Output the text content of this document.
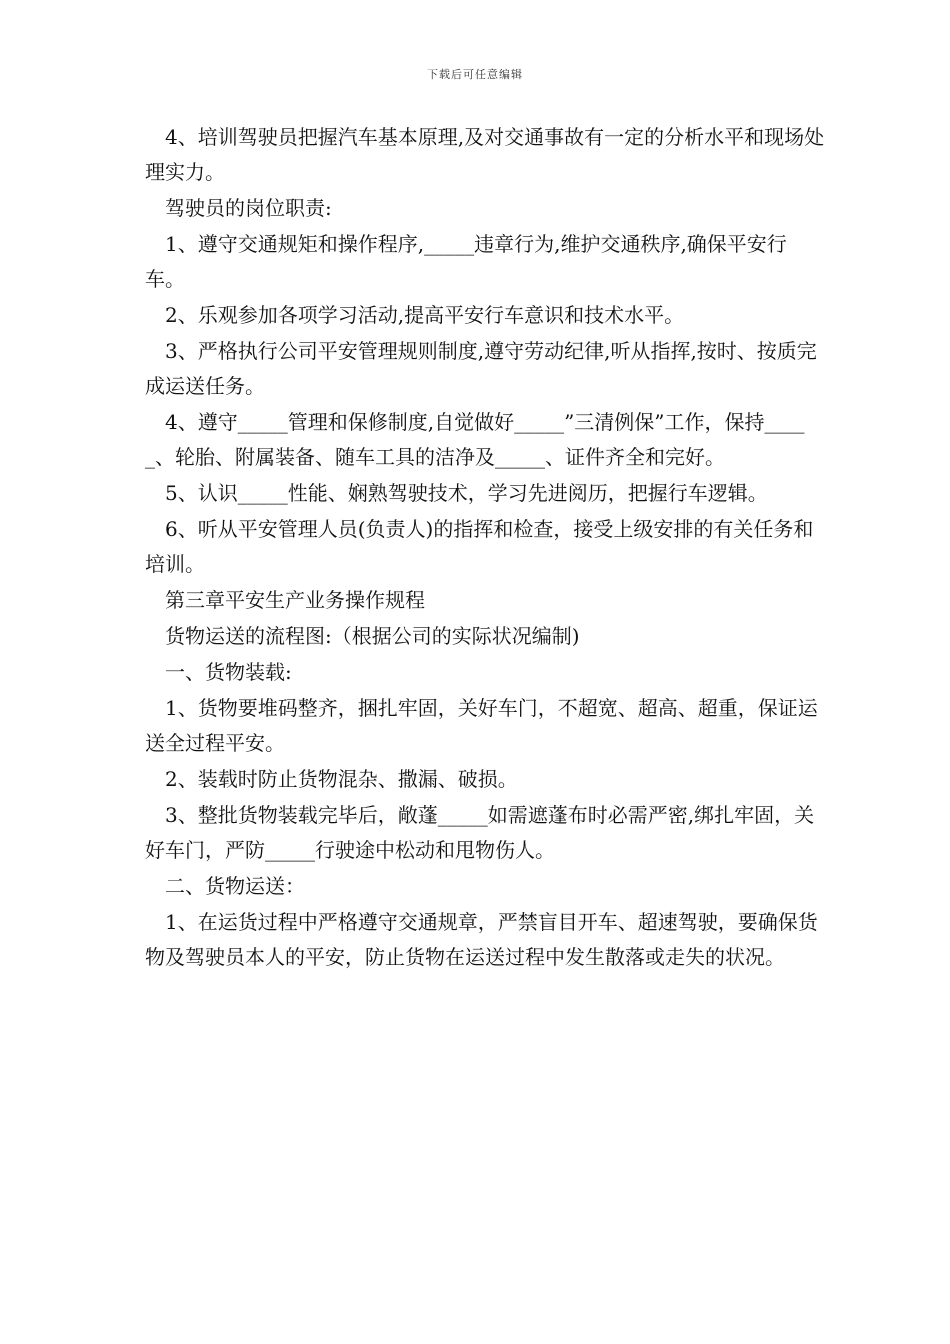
下载后可任意编辑

　4、培训驾驶员把握汽车基本原理,及对交通事故有一定的分析水平和现场处理实力。

　驾驶员的岗位职责:

　1、遵守交通规矩和操作程序,_____违章行为,维护交通秩序,确保平安行车。

　2、乐观参加各项学习活动,提高平安行车意识和技术水平。

　3、严格执行公司平安管理规则制度,遵守劳动纪律,听从指挥,按时、按质完成运送任务。

　4、遵守_____管理和保修制度,自觉做好_____”三清例保”工作，保持_____、轮胎、附属装备、随车工具的洁净及_____、证件齐全和完好。

　5、认识_____性能、娴熟驾驶技术，学习先进阅历，把握行车逻辑。

　6、听从平安管理人员(负责人)的指挥和检查，接受上级安排的有关任务和培训。

　第三章平安生产业务操作规程

　货物运送的流程图:（根据公司的实际状况编制)

　一、货物装载:

　1、货物要堆码整齐，捆扎牢固，关好车门，不超宽、超高、超重，保证运送全过程平安。

　2、装载时防止货物混杂、撒漏、破损。

　3、整批货物装载完毕后，敞蓬_____如需遮蓬布时必需严密,绑扎牢固，关好车门，严防_____行驶途中松动和甩物伤人。

　二、货物运送：

　1、在运货过程中严格遵守交通规章，严禁盲目开车、超速驾驶，要确保货物及驾驶员本人的平安，防止货物在运送过程中发生散落或走失的状况。
